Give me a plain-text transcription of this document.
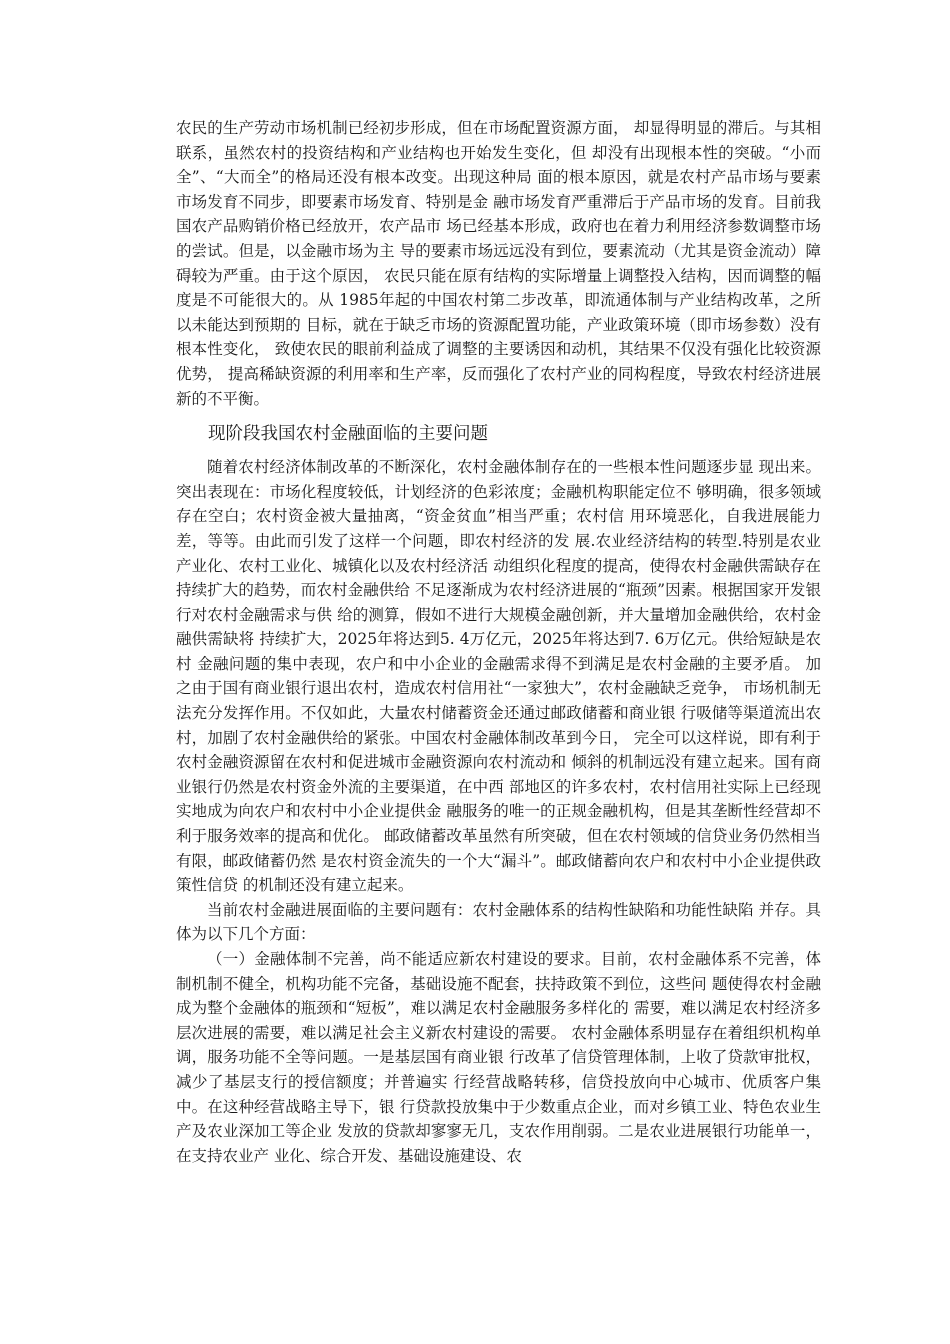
农民的生产劳动市场机制已经初步形成，但在市场配置资源方面， 却显得明显的滞后。与其相联系，虽然农村的投资结构和产业结构也开始发生变化，但 却没有出现根本性的突破。“小而全”、“大而全”的格局还没有根本改变。出现这种局 面的根本原因，就是农村产品市场与要素市场发育不同步，即要素市场发育、特别是金 融市场发育严重滞后于产品市场的发育。目前我国农产品购销价格已经放开，农产品市 场已经基本形成，政府也在着力利用经济参数调整市场的尝试。但是，以金融市场为主 导的要素市场远远没有到位，要素流动（尤其是资金流动）障碍较为严重。由于这个原因， 农民只能在原有结构的实际增量上调整投入结构，因而调整的幅度是不可能很大的。从 1985年起的中国农村第二步改革，即流通体制与产业结构改革，之所以未能达到预期的 目标，就在于缺乏市场的资源配置功能，产业政策环境（即市场参数）没有根本性变化， 致使农民的眼前利益成了调整的主要诱因和动机，其结果不仅没有强化比较资源优势， 提高稀缺资源的利用率和生产率，反而强化了农村产业的同构程度，导致农村经济进展 新的不平衡。

现阶段我国农村金融面临的主要问题

随着农村经济体制改革的不断深化，农村金融体制存在的一些根本性问题逐步显 现出来。突出表现在：市场化程度较低，计划经济的色彩浓度；金融机构职能定位不 够明确，很多领域存在空白；农村资金被大量抽离，“资金贫血”相当严重；农村信 用环境恶化，自我进展能力差，等等。由此而引发了这样一个问题，即农村经济的发 展.农业经济结构的转型.特别是农业产业化、农村工业化、城镇化以及农村经济活 动组织化程度的提高，使得农村金融供需缺存在持续扩大的趋势，而农村金融供给 不足逐渐成为农村经济进展的“瓶颈”因素。根据国家开发银行对农村金融需求与供 给的测算，假如不进行大规模金融创新，并大量增加金融供给，农村金融供需缺将 持续扩大，2025年将达到5. 4万亿元，2025年将达到7. 6万亿元。供给短缺是农村 金融问题的集中表现，农户和中小企业的金融需求得不到满足是农村金融的主要矛盾。 加之由于国有商业银行退出农村，造成农村信用社“一家独大”，农村金融缺乏竞争， 市场机制无法充分发挥作用。不仅如此，大量农村储蓄资金还通过邮政储蓄和商业银 行吸储等渠道流出农村，加剧了农村金融供给的紧张。中国农村金融体制改革到今日， 完全可以这样说，即有利于农村金融资源留在农村和促进城市金融资源向农村流动和 倾斜的机制远没有建立起来。国有商业银行仍然是农村资金外流的主要渠道，在中西 部地区的许多农村，农村信用社实际上已经现实地成为向农户和农村中小企业提供金 融服务的唯一的正规金融机构，但是其垄断性经营却不利于服务效率的提高和优化。 邮政储蓄改革虽然有所突破，但在农村领域的信贷业务仍然相当有限，邮政储蓄仍然 是农村资金流失的一个大“漏斗”。邮政储蓄向农户和农村中小企业提供政策性信贷 的机制还没有建立起来。

当前农村金融进展面临的主要问题有：农村金融体系的结构性缺陷和功能性缺陷 并存。具体为以下几个方面：

（一）金融体制不完善，尚不能适应新农村建设的要求。目前，农村金融体系不完善，体制机制不健全，机构功能不完备，基础设施不配套，扶持政策不到位，这些问 题使得农村金融成为整个金融体的瓶颈和“短板”，难以满足农村金融服务多样化的 需要，难以满足农村经济多层次进展的需要，难以满足社会主义新农村建设的需要。 农村金融体系明显存在着组织机构单调，服务功能不全等问题。一是基层国有商业银 行改革了信贷管理体制，上收了贷款审批权，减少了基层支行的授信额度；并普遍实 行经营战略转移，信贷投放向中心城市、优质客户集中。在这种经营战略主导下，银 行贷款投放集中于少数重点企业，而对乡镇工业、特色农业生产及农业深加工等企业 发放的贷款却寥寥无几，支农作用削弱。二是农业进展银行功能单一，在支持农业产 业化、综合开发、基础设施建设、农
